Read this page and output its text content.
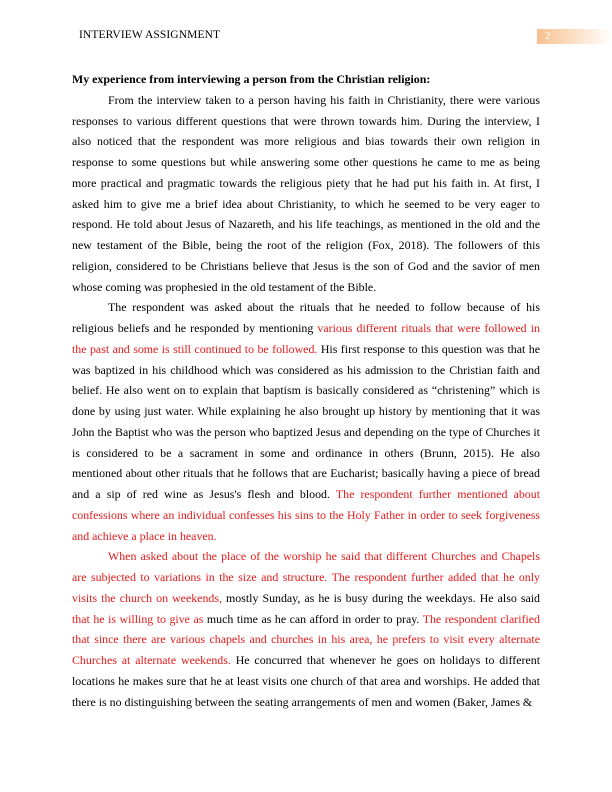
INTERVIEW ASSIGNMENT	2

My experience from interviewing a person from the Christian religion:

From the interview taken to a person having his faith in Christianity, there were various responses to various different questions that were thrown towards him. During the interview, I also noticed that the respondent was more religious and bias towards their own religion in response to some questions but while answering some other questions he came to me as being more practical and pragmatic towards the religious piety that he had put his faith in. At first, I asked him to give me a brief idea about Christianity, to which he seemed to be very eager to respond. He told about Jesus of Nazareth, and his life teachings, as mentioned in the old and the new testament of the Bible, being the root of the religion (Fox, 2018). The followers of this religion, considered to be Christians believe that Jesus is the son of God and the savior of men whose coming was prophesied in the old testament of the Bible.

The respondent was asked about the rituals that he needed to follow because of his religious beliefs and he responded by mentioning various different rituals that were followed in the past and some is still continued to be followed. His first response to this question was that he was baptized in his childhood which was considered as his admission to the Christian faith and belief. He also went on to explain that baptism is basically considered as “christening” which is done by using just water. While explaining he also brought up history by mentioning that it was John the Baptist who was the person who baptized Jesus and depending on the type of Churches it is considered to be a sacrament in some and ordinance in others (Brunn, 2015). He also mentioned about other rituals that he follows that are Eucharist; basically having a piece of bread and a sip of red wine as Jesus's flesh and blood. The respondent further mentioned about confessions where an individual confesses his sins to the Holy Father in order to seek forgiveness and achieve a place in heaven.

When asked about the place of the worship he said that different Churches and Chapels are subjected to variations in the size and structure. The respondent further added that he only visits the church on weekends, mostly Sunday, as he is busy during the weekdays. He also said that he is willing to give as much time as he can afford in order to pray. The respondent clarified that since there are various chapels and churches in his area, he prefers to visit every alternate Churches at alternate weekends. He concurred that whenever he goes on holidays to different locations he makes sure that he at least visits one church of that area and worships. He added that there is no distinguishing between the seating arrangements of men and women (Baker, James &
